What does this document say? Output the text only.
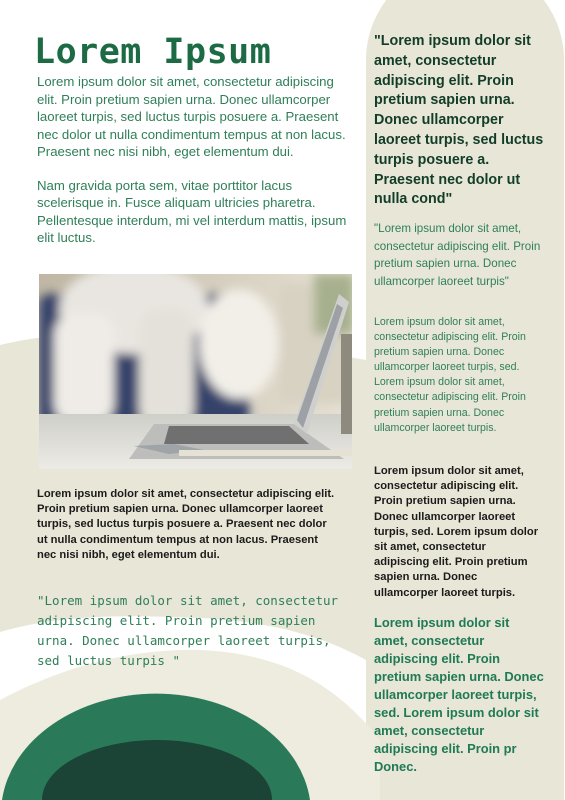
Lorem Ipsum

Lorem ipsum dolor sit amet, consectetur adipiscing elit. Proin pretium sapien urna. Donec ullamcorper laoreet turpis, sed luctus turpis posuere a. Praesent nec dolor ut nulla condimentum tempus at non lacus. Praesent nec nisi nibh, eget elementum dui.

Nam gravida porta sem, vitae porttitor lacus scelerisque in. Fusce aliquam ultricies pharetra. Pellentesque interdum, mi vel interdum mattis, ipsum elit luctus.

Lorem ipsum dolor sit amet, consectetur adipiscing elit. Proin pretium sapien urna. Donec ullamcorper laoreet turpis, sed luctus turpis posuere a. Praesent nec dolor ut nulla condimentum tempus at non lacus. Praesent nec nisi nibh, eget elementum dui.
"Lorem ipsum dolor sit amet, consectetur adipiscing elit. Proin pretium sapien urna. Donec ullamcorper laoreet turpis, sed luctus turpis "
"Lorem ipsum dolor sit amet, consectetur adipiscing elit. Proin pretium sapien urna. Donec ullamcorper laoreet turpis, sed luctus turpis posuere a. Praesent nec dolor ut nulla cond"
"Lorem ipsum dolor sit amet, consectetur adipiscing elit. Proin pretium sapien urna. Donec ullamcorper laoreet turpis"
Lorem ipsum dolor sit amet, consectetur adipiscing elit. Proin pretium sapien urna. Donec ullamcorper laoreet turpis, sed. Lorem ipsum dolor sit amet, consectetur adipiscing elit. Proin pretium sapien urna. Donec ullamcorper laoreet turpis.
Lorem ipsum dolor sit amet, consectetur adipiscing elit. Proin pretium sapien urna. Donec ullamcorper laoreet turpis, sed. Lorem ipsum dolor sit amet, consectetur adipiscing elit. Proin pretium sapien urna. Donec ullamcorper laoreet turpis.
Lorem ipsum dolor sit amet, consectetur adipiscing elit. Proin pretium sapien urna. Donec ullamcorper laoreet turpis, sed. Lorem ipsum dolor sit amet, consectetur adipiscing elit. Proin pr Donec.
